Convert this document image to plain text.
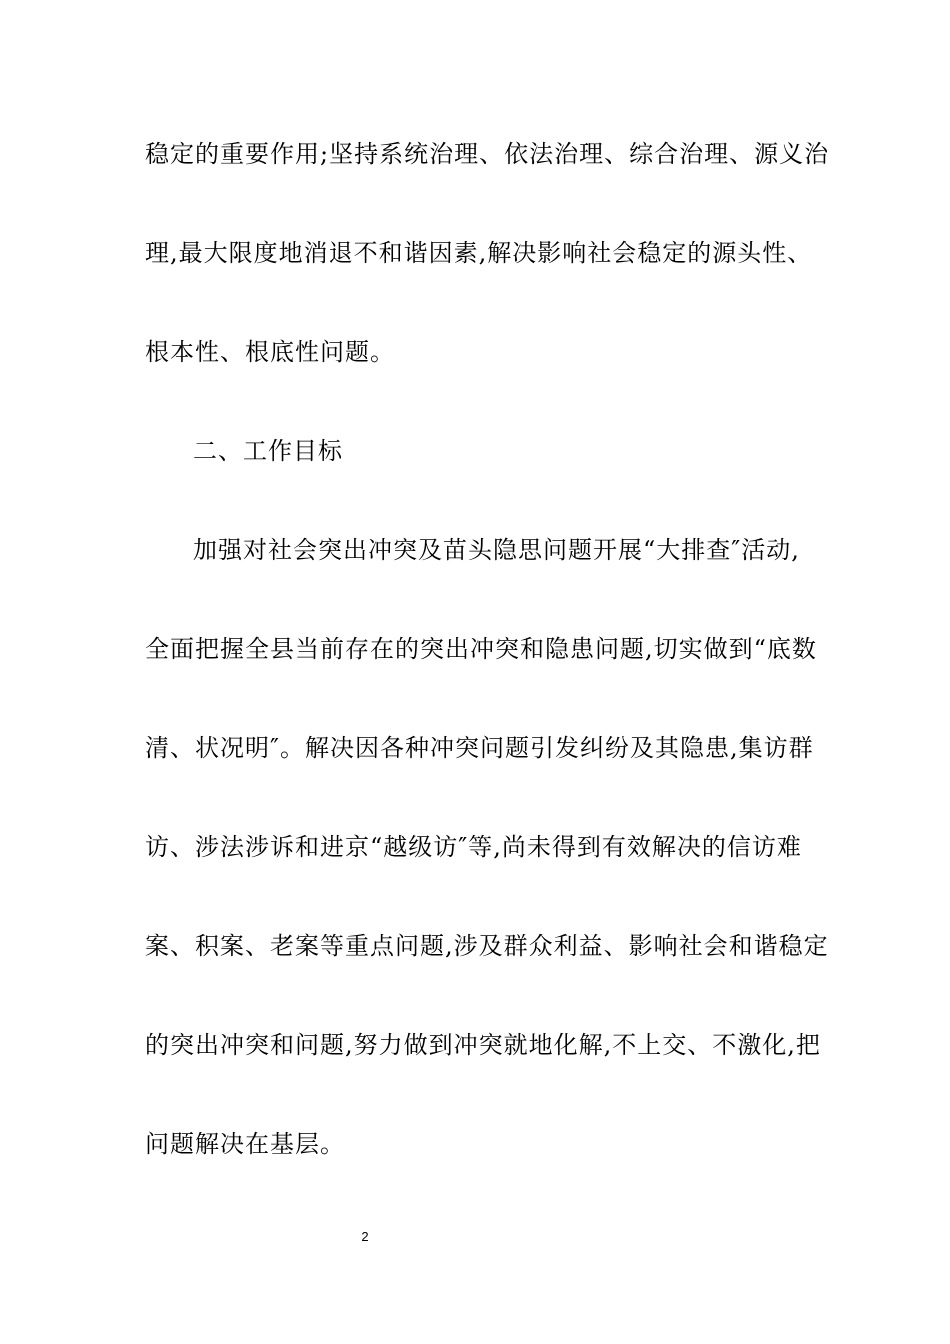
稳定的重要作用;坚持系统治理、依法治理、综合治理、源义治
理,最大限度地消退不和谐因素,解决影响社会稳定的源头性、
根本性、根底性问题。
二、工作目标
加强对社会突出冲突及苗头隐思问题开展“大排查″活动,
全面把握全县当前存在的突出冲突和隐患问题,切实做到“底数
清、状况明″。解决因各种冲突问题引发纠纷及其隐患,集访群
访、涉法涉诉和进京“越级访″等,尚未得到有效解决的信访难
案、积案、老案等重点问题,涉及群众利益、影响社会和谐稳定
的突出冲突和问题,努力做到冲突就地化解,不上交、不激化,把
问题解决在基层。
2
